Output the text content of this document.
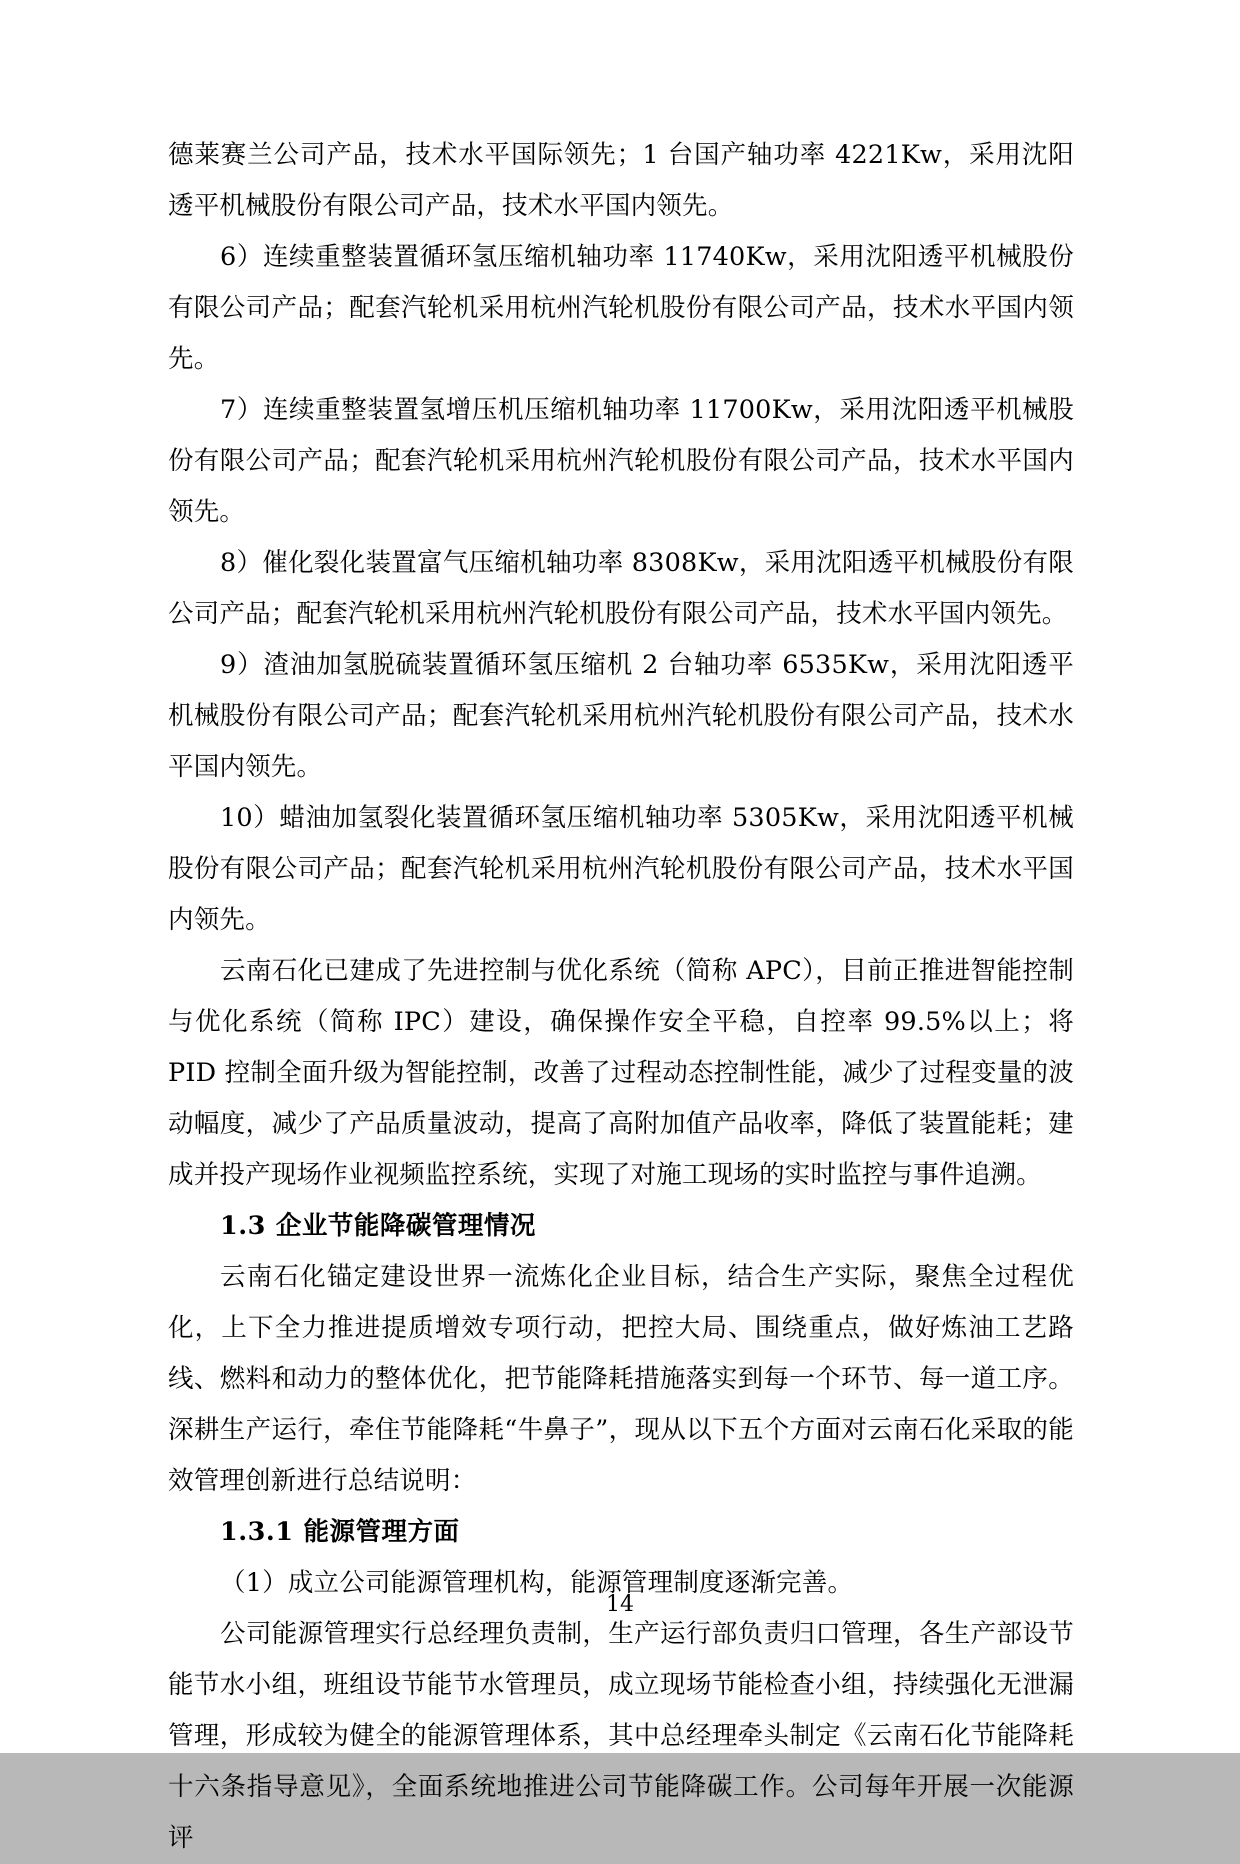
德莱赛兰公司产品，技术水平国际领先；1 台国产轴功率 4221Kw，采用沈阳透平机械股份有限公司产品，技术水平国内领先。

6）连续重整装置循环氢压缩机轴功率 11740Kw，采用沈阳透平机械股份有限公司产品；配套汽轮机采用杭州汽轮机股份有限公司产品，技术水平国内领先。

7）连续重整装置氢增压机压缩机轴功率 11700Kw，采用沈阳透平机械股份有限公司产品；配套汽轮机采用杭州汽轮机股份有限公司产品，技术水平国内领先。

8）催化裂化装置富气压缩机轴功率 8308Kw，采用沈阳透平机械股份有限公司产品；配套汽轮机采用杭州汽轮机股份有限公司产品，技术水平国内领先。

9）渣油加氢脱硫装置循环氢压缩机 2 台轴功率 6535Kw，采用沈阳透平机械股份有限公司产品；配套汽轮机采用杭州汽轮机股份有限公司产品，技术水平国内领先。

10）蜡油加氢裂化装置循环氢压缩机轴功率 5305Kw，采用沈阳透平机械股份有限公司产品；配套汽轮机采用杭州汽轮机股份有限公司产品，技术水平国内领先。

云南石化已建成了先进控制与优化系统（简称 APC），目前正推进智能控制与优化系统（简称 IPC）建设，确保操作安全平稳，自控率 99.5%以上；将 PID 控制全面升级为智能控制，改善了过程动态控制性能，减少了过程变量的波动幅度，减少了产品质量波动，提高了高附加值产品收率，降低了装置能耗；建成并投产现场作业视频监控系统，实现了对施工现场的实时监控与事件追溯。

1.3 企业节能降碳管理情况

云南石化锚定建设世界一流炼化企业目标，结合生产实际，聚焦全过程优化，上下全力推进提质增效专项行动，把控大局、围绕重点，做好炼油工艺路线、燃料和动力的整体优化，把节能降耗措施落实到每一个环节、每一道工序。深耕生产运行，牵住节能降耗“牛鼻子”，现从以下五个方面对云南石化采取的能效管理创新进行总结说明：

1.3.1 能源管理方面

（1）成立公司能源管理机构，能源管理制度逐渐完善。

公司能源管理实行总经理负责制，生产运行部负责归口管理，各生产部设节能节水小组，班组设节能节水管理员，成立现场节能检查小组，持续强化无泄漏管理，形成较为健全的能源管理体系，其中总经理牵头制定《云南石化节能降耗十六条指导意见》，全面系统地推进公司节能降碳工作。公司每年开展一次能源评

14
